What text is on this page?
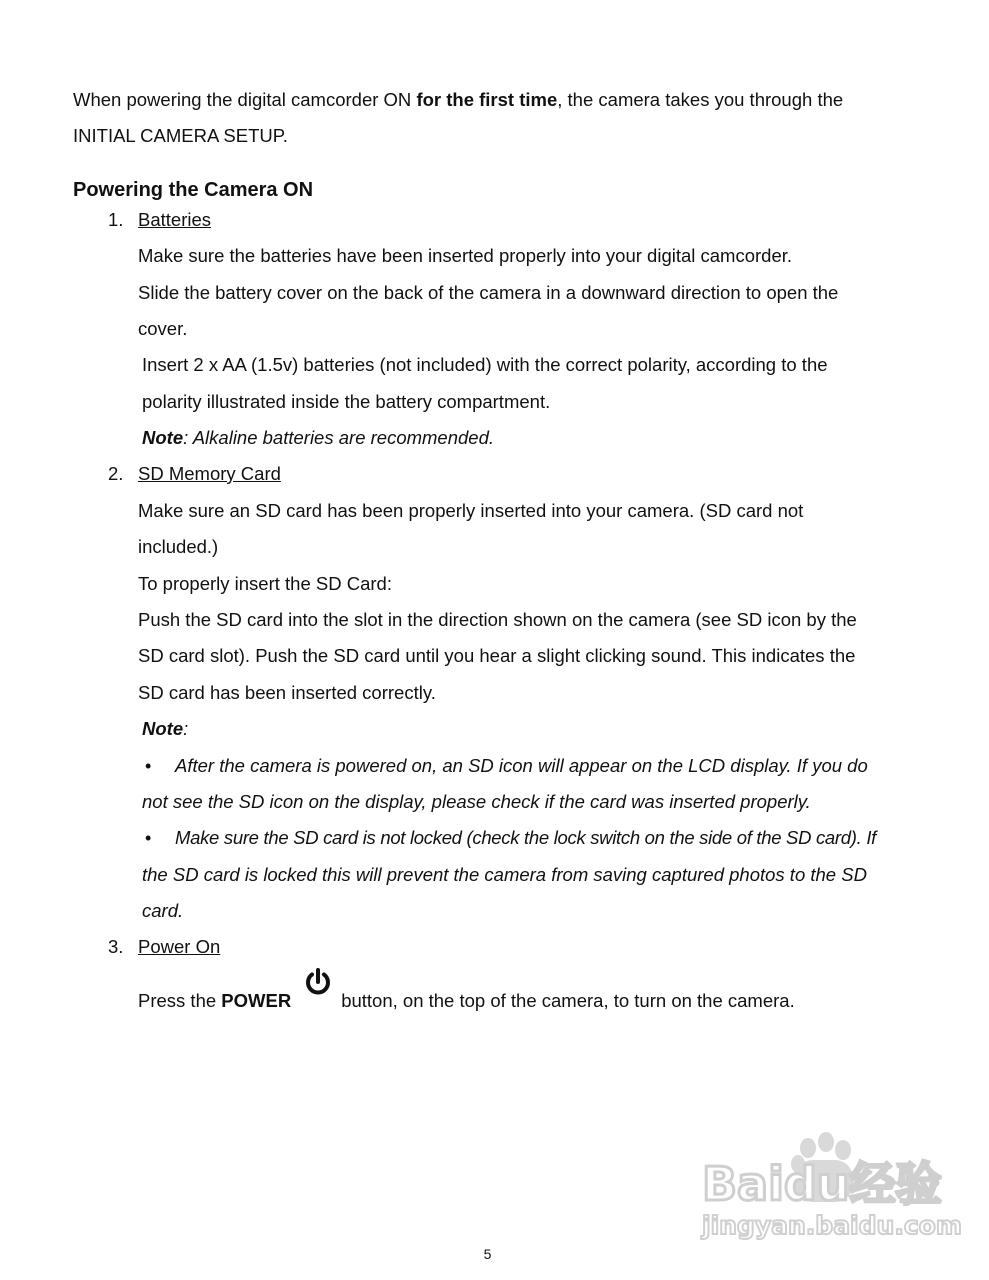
When powering the digital camcorder ON for the first time, the camera takes you through the
INITIAL CAMERA SETUP.

Powering the Camera ON
1. Batteries

Make sure the batteries have been inserted properly into your digital camcorder.

Slide the battery cover on the back of the camera in a downward direction to open the

cover.

Insert 2 x AA (1.5v) batteries (not included) with the correct polarity, according to the

polarity illustrated inside the battery compartment.

Note: Alkaline batteries are recommended.

2. SD Memory Card

Make sure an SD card has been properly inserted into your camera. (SD card not

included.)

To properly insert the SD Card:

Push the SD card into the slot in the direction shown on the camera (see SD icon by the

SD card slot). Push the SD card until you hear a slight clicking sound. This indicates the

SD card has been inserted correctly.

Note:

• After the camera is powered on, an SD icon will appear on the LCD display. If you do

not see the SD icon on the display, please check if the card was inserted properly.

• Make sure the SD card is not locked (check the lock switch on the side of the SD card). If

the SD card is locked this will prevent the camera from saving captured photos to the SD

card.

3. Power On

Press the POWER	button, on the top of the camera, to turn on the camera.

Baidu经验
jingyan.baidu.com
5
